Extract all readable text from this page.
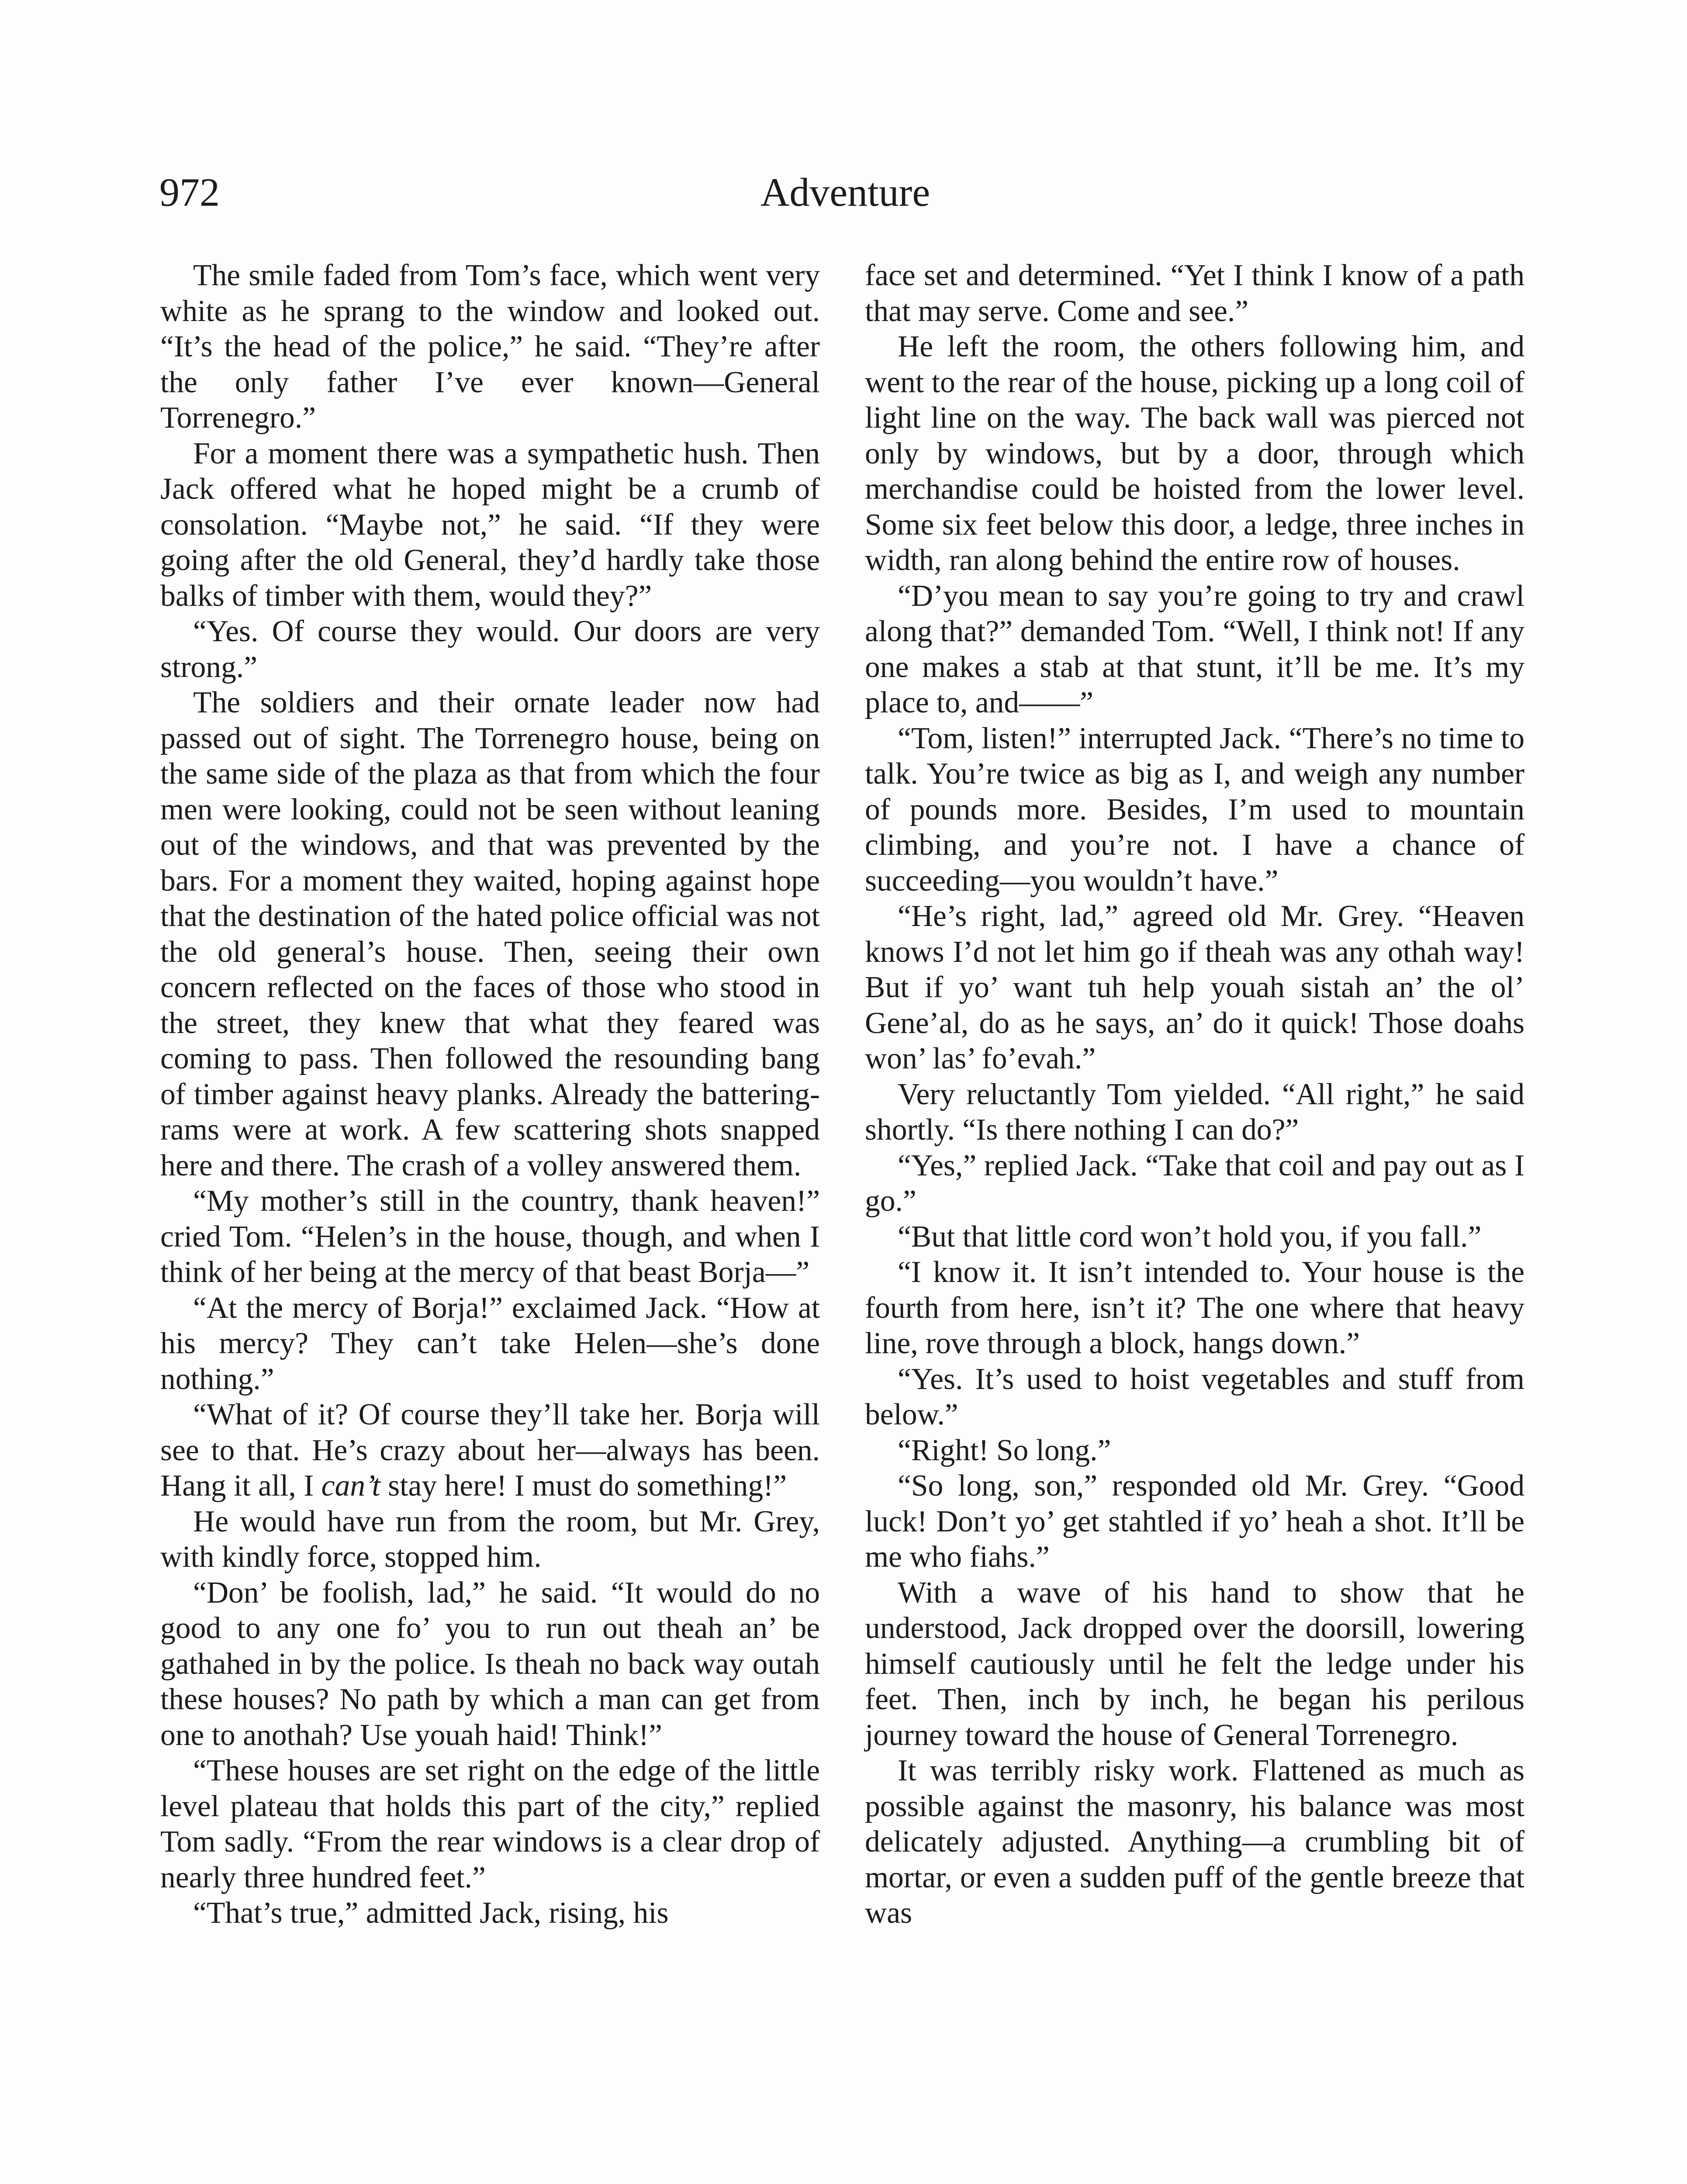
972	Adventure

The smile faded from Tom’s face, which went very white as he sprang to the window and looked out. “It’s the head of the police,” he said. “They’re after the only father I’ve ever known—General Torrenegro.”

For a moment there was a sympathetic hush. Then Jack offered what he hoped might be a crumb of consolation. “Maybe not,” he said. “If they were going after the old General, they’d hardly take those balks of timber with them, would they?”

“Yes. Of course they would. Our doors are very strong.”

The soldiers and their ornate leader now had passed out of sight. The Torrenegro house, being on the same side of the plaza as that from which the four men were looking, could not be seen without leaning out of the windows, and that was prevented by the bars. For a moment they waited, hoping against hope that the destination of the hated police official was not the old general’s house. Then, seeing their own concern reflected on the faces of those who stood in the street, they knew that what they feared was coming to pass. Then followed the resounding bang of timber against heavy planks. Already the battering-rams were at work. A few scattering shots snapped here and there. The crash of a volley answered them.

“My mother’s still in the country, thank heaven!” cried Tom. “Helen’s in the house, though, and when I think of her being at the mercy of that beast Borja—”

“At the mercy of Borja!” exclaimed Jack. “How at his mercy? They can’t take Helen—she’s done nothing.”

“What of it? Of course they’ll take her. Borja will see to that. He’s crazy about her—always has been. Hang it all, I can’t stay here! I must do something!”

He would have run from the room, but Mr. Grey, with kindly force, stopped him.

“Don’ be foolish, lad,” he said. “It would do no good to any one fo’ you to run out theah an’ be gathahed in by the police. Is theah no back way outah these houses? No path by which a man can get from one to anothah? Use youah haid! Think!”

“These houses are set right on the edge of the little level plateau that holds this part of the city,” replied Tom sadly. “From the rear windows is a clear drop of nearly three hundred feet.”

“That’s true,” admitted Jack, rising, his

face set and determined. “Yet I think I know of a path that may serve. Come and see.”

He left the room, the others following him, and went to the rear of the house, picking up a long coil of light line on the way. The back wall was pierced not only by windows, but by a door, through which merchandise could be hoisted from the lower level. Some six feet below this door, a ledge, three inches in width, ran along behind the entire row of houses.

“D’you mean to say you’re going to try and crawl along that?” demanded Tom. “Well, I think not! If any one makes a stab at that stunt, it’ll be me. It’s my place to, and——”

“Tom, listen!” interrupted Jack. “There’s no time to talk. You’re twice as big as I, and weigh any number of pounds more. Besides, I’m used to mountain climbing, and you’re not. I have a chance of succeeding—you wouldn’t have.”

“He’s right, lad,” agreed old Mr. Grey. “Heaven knows I’d not let him go if theah was any othah way! But if yo’ want tuh help youah sistah an’ the ol’ Gene’al, do as he says, an’ do it quick! Those doahs won’ las’ fo’evah.”

Very reluctantly Tom yielded. “All right,” he said shortly. “Is there nothing I can do?”

“Yes,” replied Jack. “Take that coil and pay out as I go.”

“But that little cord won’t hold you, if you fall.”

“I know it. It isn’t intended to. Your house is the fourth from here, isn’t it? The one where that heavy line, rove through a block, hangs down.”

“Yes. It’s used to hoist vegetables and stuff from below.”

“Right! So long.”

“So long, son,” responded old Mr. Grey. “Good luck! Don’t yo’ get stahtled if yo’ heah a shot. It’ll be me who fiahs.”

With a wave of his hand to show that he understood, Jack dropped over the doorsill, lowering himself cautiously until he felt the ledge under his feet. Then, inch by inch, he began his perilous journey toward the house of General Torrenegro.

It was terribly risky work. Flattened as much as possible against the masonry, his balance was most delicately adjusted. Anything—a crumbling bit of mortar, or even a sudden puff of the gentle breeze that was
